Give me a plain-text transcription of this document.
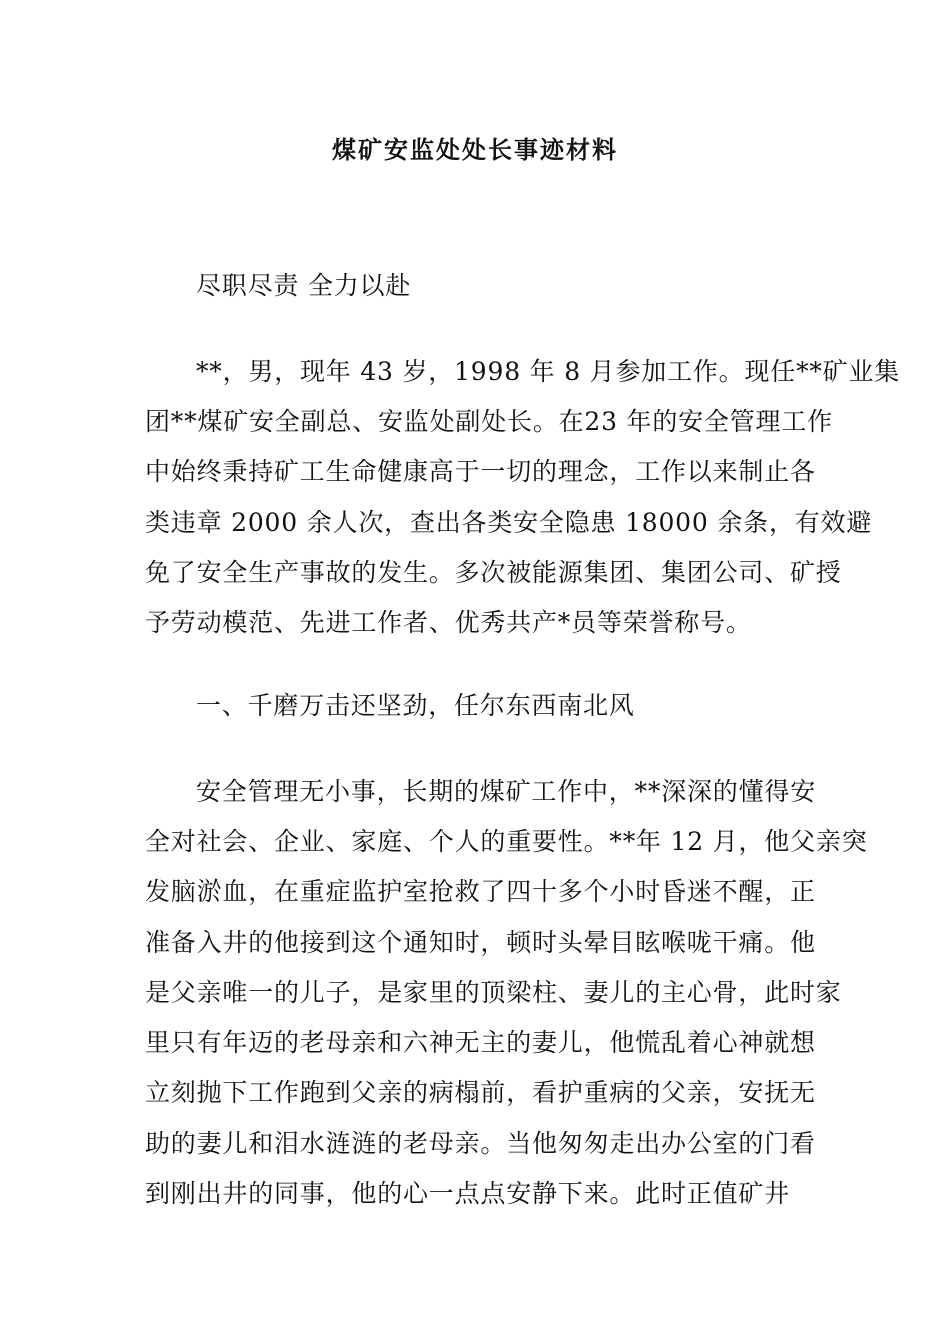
煤矿安监处处长事迹材料
尽职尽责 全力以赴
**，男，现年 43 岁，1998 年 8 月参加工作。现任**矿业集
团**煤矿安全副总、安监处副处长。在23 年的安全管理工作
中始终秉持矿工生命健康高于一切的理念，工作以来制止各
类违章 2000 余人次，查出各类安全隐患 18000 余条，有效避
免了安全生产事故的发生。多次被能源集团、集团公司、矿授
予劳动模范、先进工作者、优秀共产*员等荣誉称号。
一、千磨万击还坚劲，任尔东西南北风
安全管理无小事，长期的煤矿工作中，**深深的懂得安
全对社会、企业、家庭、个人的重要性。**年 12 月，他父亲突
发脑淤血，在重症监护室抢救了四十多个小时昏迷不醒，正
准备入井的他接到这个通知时，顿时头晕目眩喉咙干痛。他
是父亲唯一的儿子，是家里的顶梁柱、妻儿的主心骨，此时家
里只有年迈的老母亲和六神无主的妻儿，他慌乱着心神就想
立刻抛下工作跑到父亲的病榻前，看护重病的父亲，安抚无
助的妻儿和泪水涟涟的老母亲。当他匆匆走出办公室的门看
到刚出井的同事，他的心一点点安静下来。此时正值矿井
